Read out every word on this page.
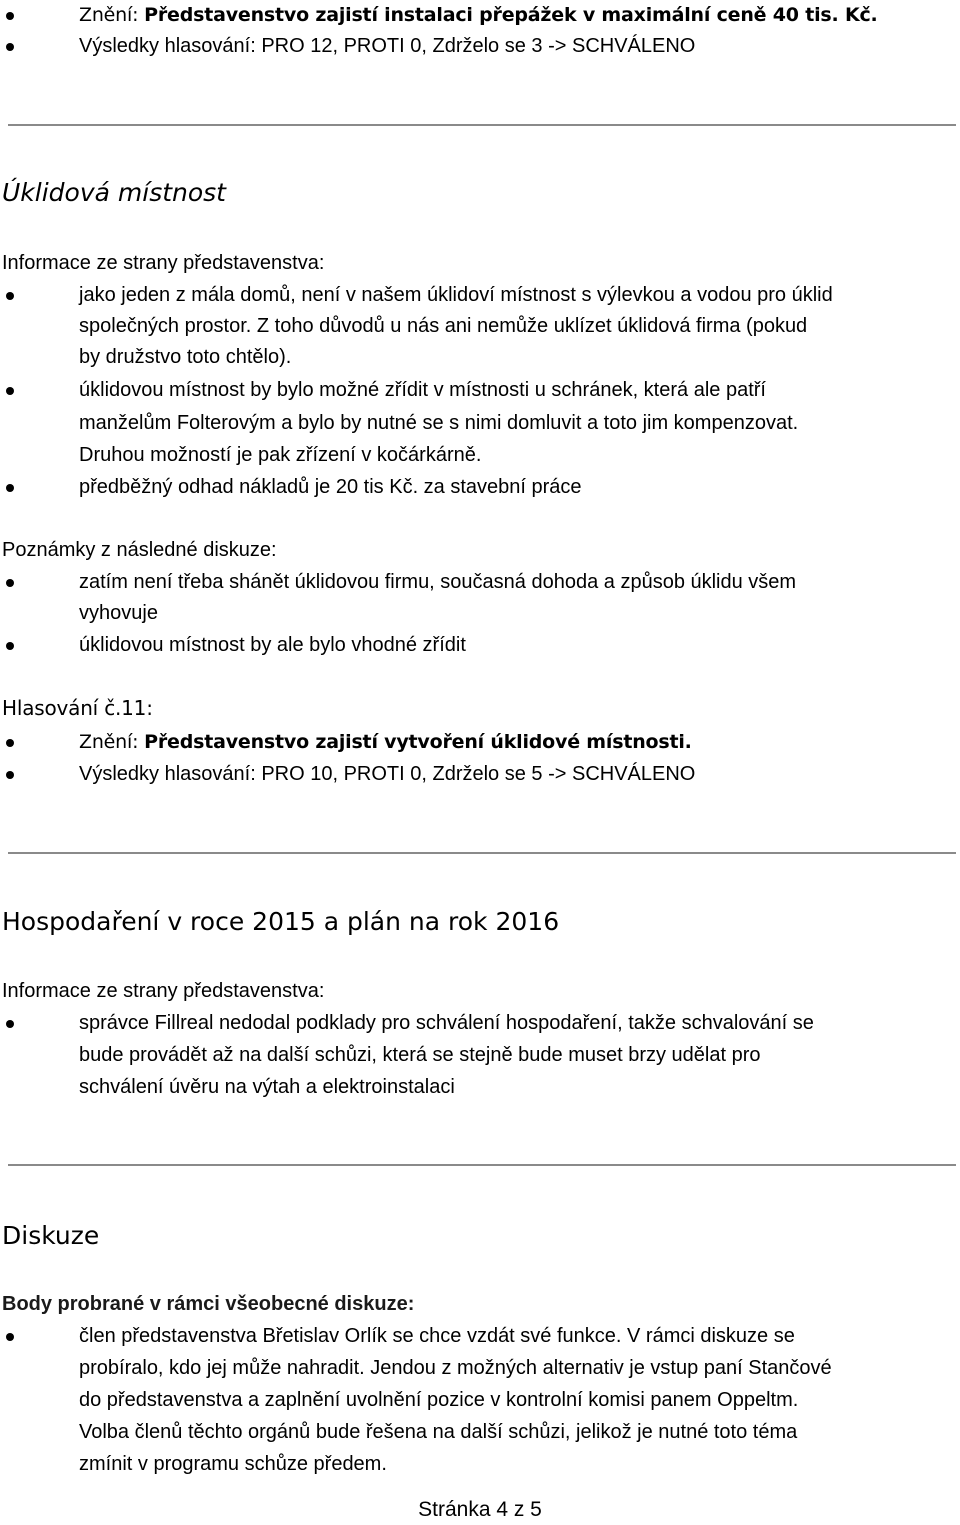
Znění: Představenstvo zajistí instalaci přepážek v maximální ceně 40 tis. Kč.
Výsledky hlasování: PRO 12, PROTI 0, Zdrželo se 3 -> SCHVÁLENO
Úklidová místnost
Informace ze strany představenstva:
jako jeden z mála domů, není v našem úklidoví místnost s výlevkou a vodou pro úklid
společných prostor. Z toho důvodů u nás ani nemůže uklízet úklidová firma (pokud
by družstvo toto chtělo).
úklidovou místnost by bylo možné zřídit v místnosti u schránek, která ale patří
manželům Folterovým a bylo by nutné se s nimi domluvit a toto jim kompenzovat.
Druhou možností je pak zřízení v kočárkárně.
předběžný odhad nákladů je 20 tis Kč. za stavební práce
Poznámky z následné diskuze:
zatím není třeba shánět úklidovou firmu, současná dohoda a způsob úklidu všem
vyhovuje
úklidovou místnost by ale bylo vhodné zřídit
Hlasování č.11:
Znění: Představenstvo zajistí vytvoření úklidové místnosti.
Výsledky hlasování: PRO 10, PROTI 0, Zdrželo se 5 -> SCHVÁLENO
Hospodaření v roce 2015 a plán na rok 2016
Informace ze strany představenstva:
správce Fillreal nedodal podklady pro schválení hospodaření, takže schvalování se
bude provádět až na další schůzi, která se stejně bude muset brzy udělat pro
schválení úvěru na výtah a elektroinstalaci
Diskuze
Body probrané v rámci všeobecné diskuze:
člen představenstva Břetislav Orlík se chce vzdát své funkce. V rámci diskuze se
probíralo, kdo jej může nahradit. Jendou z možných alternativ je vstup paní Stančové
do představenstva a zaplnění uvolnění pozice v kontrolní komisi panem Oppeltm.
Volba členů těchto orgánů bude řešena na další schůzi, jelikož je nutné toto téma
zmínit v programu schůze předem.
Stránka 4 z 5
